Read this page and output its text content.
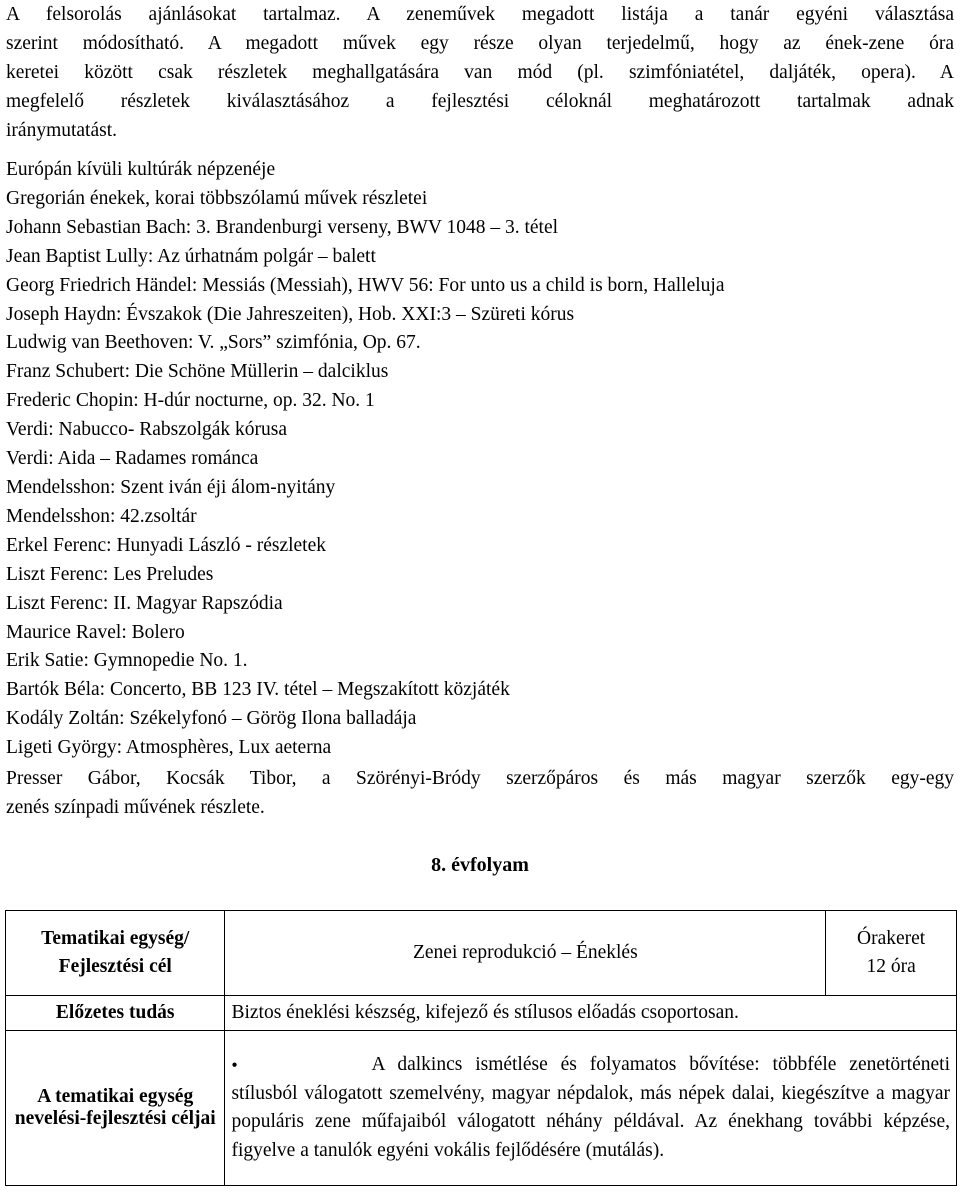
A felsorolás ajánlásokat tartalmaz. A zeneművek megadott listája a tanár egyéni választása
szerint módosítható. A megadott művek egy része olyan terjedelmű, hogy az ének-zene óra
keretei között csak részletek meghallgatására van mód (pl. szimfóniatétel, daljáték, opera). A
megfelelő részletek kiválasztásához a fejlesztési céloknál meghatározott tartalmak adnak
iránymutatást.
Európán kívüli kultúrák népzenéje
Gregorián énekek, korai többszólamú művek részletei
Johann Sebastian Bach: 3. Brandenburgi verseny, BWV 1048 – 3. tétel
Jean Baptist Lully: Az úrhatnám polgár – balett
Georg Friedrich Händel: Messiás (Messiah), HWV 56: For unto us a child is born, Halleluja
Joseph Haydn: Évszakok (Die Jahreszeiten), Hob. XXI:3 – Szüreti kórus
Ludwig van Beethoven: V. „Sors” szimfónia, Op. 67.
Franz Schubert: Die Schöne Müllerin – dalciklus
Frederic Chopin: H-dúr nocturne, op. 32. No. 1
Verdi: Nabucco- Rabszolgák kórusa
Verdi: Aida – Radames románca
Mendelsshon: Szent iván éji álom-nyitány
Mendelsshon: 42.zsoltár
Erkel Ferenc: Hunyadi László - részletek
Liszt Ferenc: Les Preludes
Liszt Ferenc: II. Magyar Rapszódia
Maurice Ravel: Bolero
Erik Satie: Gymnopedie No. 1.
Bartók Béla: Concerto, BB 123 IV. tétel – Megszakított közjáték
Kodály Zoltán: Székelyfonó – Görög Ilona balladája
Ligeti György: Atmosphères, Lux aeterna
Presser Gábor, Kocsák Tibor, a Szörényi-Bródy szerzőpáros és más magyar szerzők egy-egy
zenés színpadi művének részlete.
8. évfolyam
Tematikai egység/ Fejlesztési cél	Zenei reprodukció – Éneklés	Órakeret
12 óra

Előzetes tudás	Biztos éneklési készség, kifejező és stílusos előadás csoportosan.	
A tematikai egység nevelési-fejlesztési céljai	● A dalkincs ismétlése és folyamatos bővítése: többféle zenetörténeti stílusból válogatott szemelvény, magyar népdalok, más népek dalai, kiegészítve a magyar populáris zene műfajaiból válogatott néhány példával. Az énekhang további képzése, figyelve a tanulók egyéni vokális fejlődésére (mutálás).	
